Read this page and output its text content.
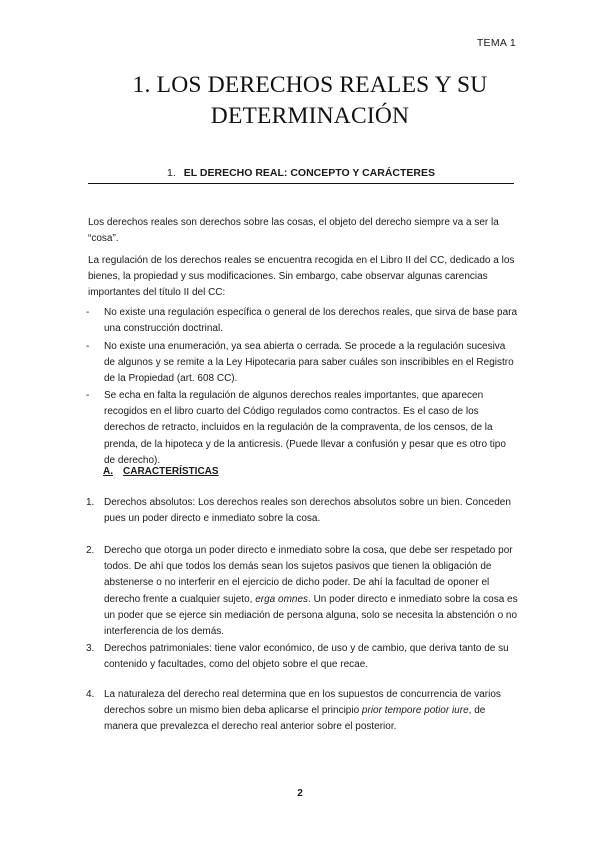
TEMA 1
1. LOS DERECHOS REALES Y SU
DETERMINACIÓN
1. EL DERECHO REAL: CONCEPTO Y CARÁCTERES

Los derechos reales son derechos sobre las cosas, el objeto del derecho siempre va a ser la “cosa”.

La regulación de los derechos reales se encuentra recogida en el Libro II del CC, dedicado a los bienes, la propiedad y sus modificaciones. Sin embargo, cabe observar algunas carencias importantes del título II del CC:

- No existe una regulación específica o general de los derechos reales, que sirva de base para una construcción doctrinal.
- No existe una enumeración, ya sea abierta o cerrada. Se procede a la regulación sucesiva de algunos y se remite a la Ley Hipotecaria para saber cuáles son inscribibles en el Registro de la Propiedad (art. 608 CC).
- Se echa en falta la regulación de algunos derechos reales importantes, que aparecen recogidos en el libro cuarto del Código regulados como contractos. Es el caso de los derechos de retracto, incluidos en la regulación de la compraventa, de los censos, de la prenda, de la hipoteca y de la anticresis. (Puede llevar a confusión y pesar que es otro tipo de derecho).
A. CARACTERÍSTICAS
1. Derechos absolutos: Los derechos reales son derechos absolutos sobre un bien. Conceden pues un poder directo e inmediato sobre la cosa.
2. Derecho que otorga un poder directo e inmediato sobre la cosa, que debe ser respetado por todos. De ahí que todos los demás sean los sujetos pasivos que tienen la obligación de abstenerse o no interferir en el ejercicio de dicho poder. De ahí la facultad de oponer el derecho frente a cualquier sujeto, erga omnes. Un poder directo e inmediato sobre la cosa es un poder que se ejerce sin mediación de persona alguna, solo se necesita la abstención o no interferencia de los demás.
3. Derechos patrimoniales: tiene valor económico, de uso y de cambio, que deriva tanto de su contenido y facultades, como del objeto sobre el que recae.
4. La naturaleza del derecho real determina que en los supuestos de concurrencia de varios derechos sobre un mismo bien deba aplicarse el principio prior tempore potior iure, de manera que prevalezca el derecho real anterior sobre el posterior.
2
